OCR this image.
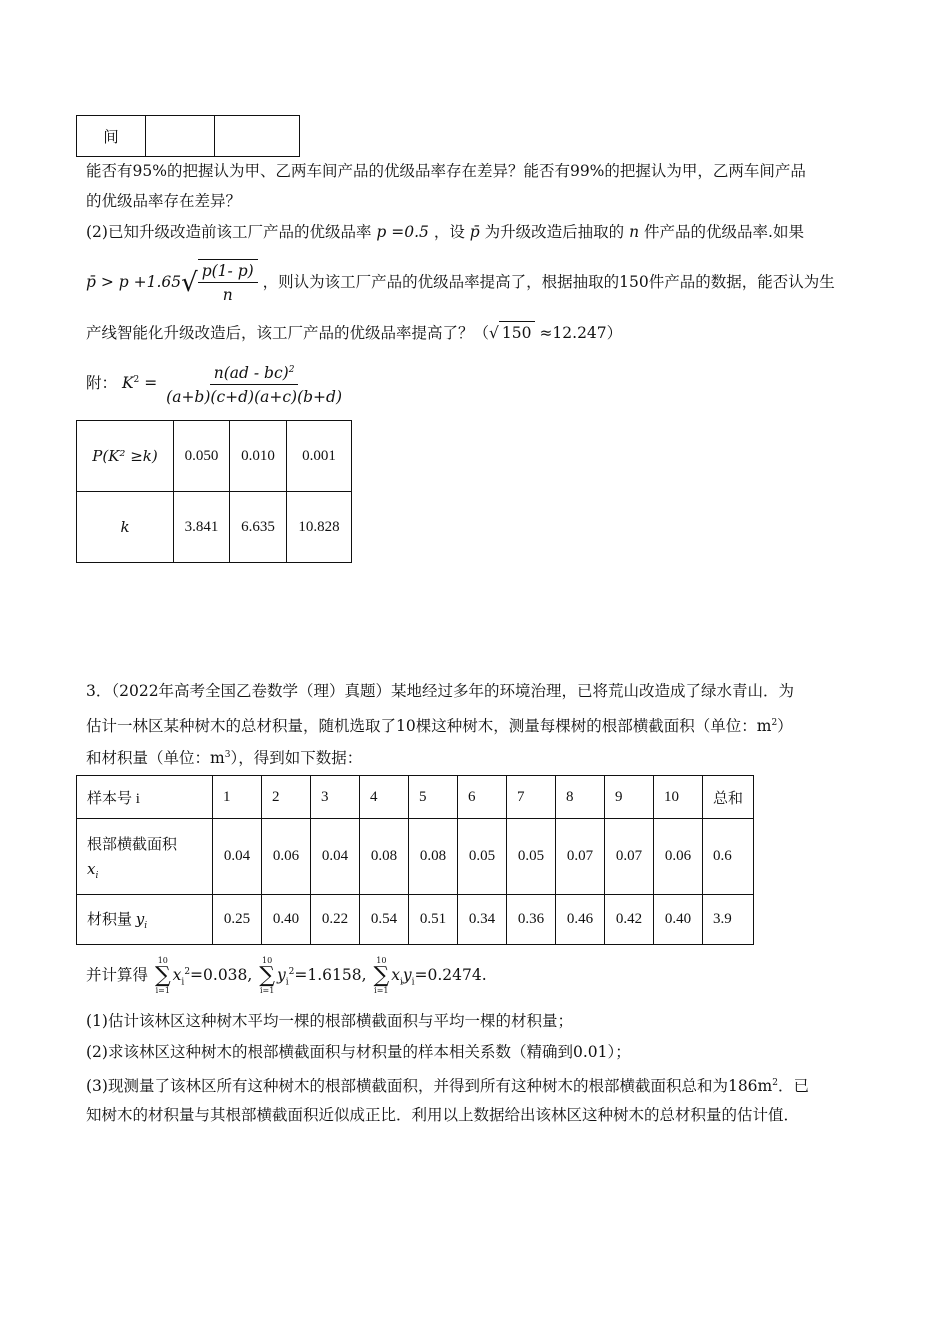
间		
能否有95%的把握认为甲、乙两车间产品的优级品率存在差异？能否有99%的把握认为甲，乙两车间产品
的优级品率存在差异？
(2)已知升级改造前该工厂产品的优级品率 p =0.5 ，设 p̄ 为升级改造后抽取的 n 件产品的优级品率.如果
p̄ > $p +1.65√ \frac{p(1- p)}{n}$ ，则认为该工厂产品的优级品率提高了，根据抽取的150件产品的数据，能否认为生
产线智能化升级改造后，该工厂产品的优级品率提高了？（√ 150 ≈12.247）
附： $K^2 = \frac{n(ad - bc)^2}{(a+b)(c+d)(a+c)(b+d)}$
P(K² ≥k)	0.050	0.010	0.001
k	3.841	6.635	10.828
3．（2022年高考全国乙卷数学（理）真题）某地经过多年的环境治理，已将荒山改造成了绿水青山．为
估计一林区某种树木的总材积量，随机选取了10棵这种树木，测量每棵树的根部横截面积（单位：$m^2$）
和材积量（单位：$m^3$），得到如下数据：
样本号 i	1	2	3	4	5	6	7	8	9	10	总和

根部横截面积
$x_i$	0.04	0.06	0.04	0.08	0.08	0.05	0.05	0.07	0.07	0.06	0.6
材积量 $y_i$	0.25	0.40	0.22	0.54	0.51	0.34	0.36	0.46	0.42	0.40	3.9
并计算得
10
∑
i=1
$x_i^2=0.038$,
10
∑
i=1
$y_i^2=1.6158$,
10
∑
i=1
$x_iy_i=0.2474$.
(1)估计该林区这种树木平均一棵的根部横截面积与平均一棵的材积量；
(2)求该林区这种树木的根部横截面积与材积量的样本相关系数（精确到0.01）；
(3)现测量了该林区所有这种树木的根部横截面积，并得到所有这种树木的根部横截面积总和为$186m^2$．已
知树木的材积量与其根部横截面积近似成正比．利用以上数据给出该林区这种树木的总材积量的估计值．
